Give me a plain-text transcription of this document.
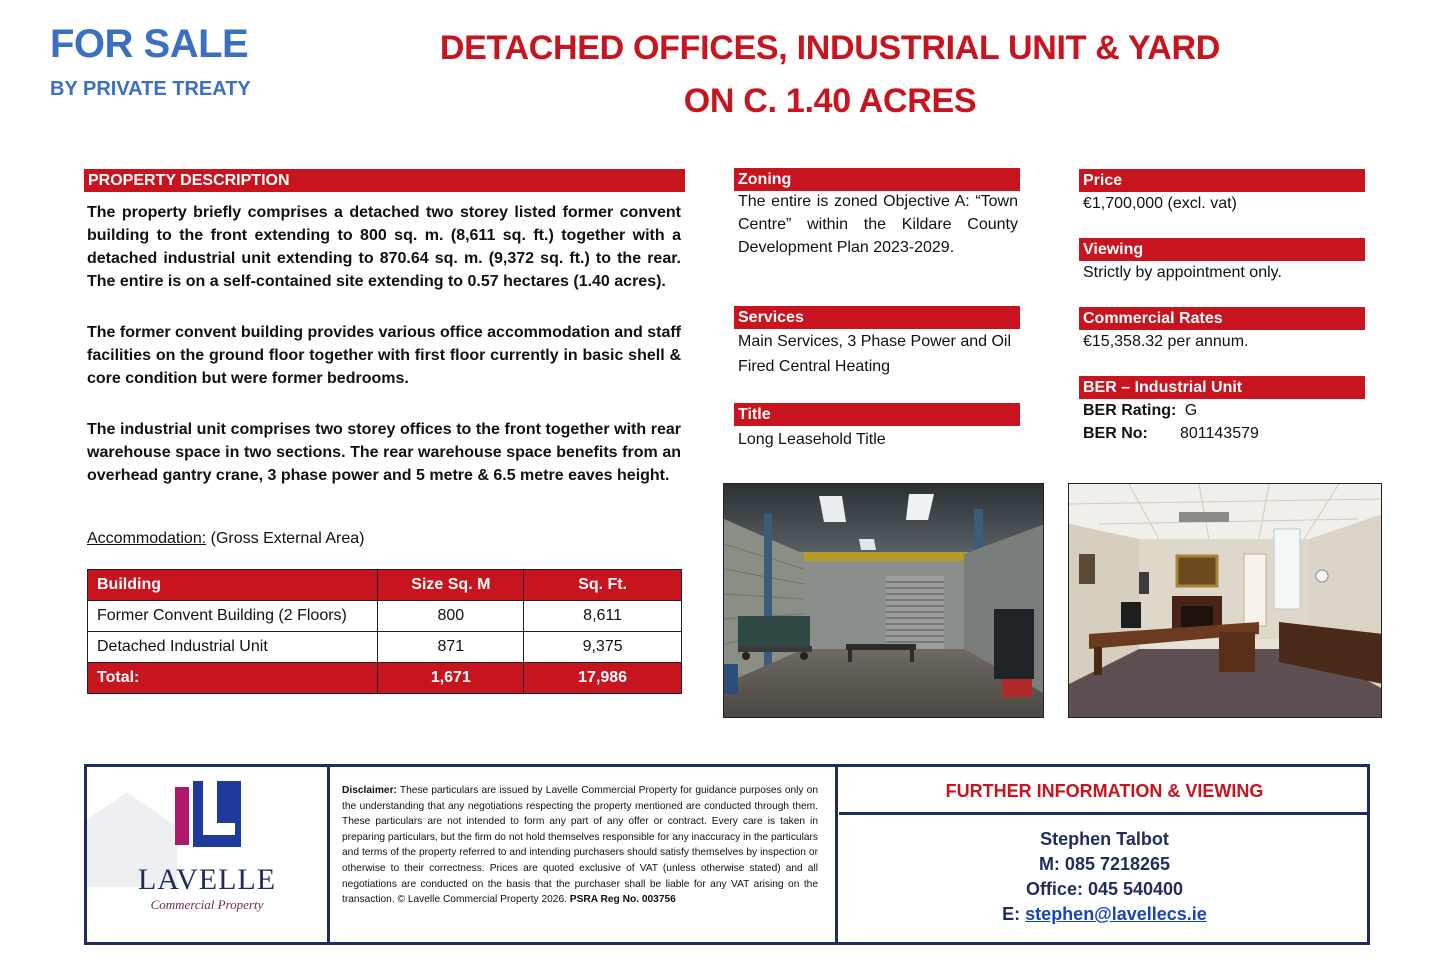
FOR SALE
BY PRIVATE TREATY
DETACHED OFFICES, INDUSTRIAL UNIT & YARD
ON C. 1.40 ACRES
PROPERTY DESCRIPTION

The property briefly comprises a detached two storey listed former convent building to the front extending to 800 sq. m. (8,611 sq. ft.) together with a detached industrial unit extending to 870.64 sq. m. (9,372 sq. ft.) to the rear. The entire is on a self-contained site extending to 0.57 hectares (1.40 acres).

The former convent building provides various office accommodation and staff facilities on the ground floor together with first floor currently in basic shell & core condition but were former bedrooms.

The industrial unit comprises two storey offices to the front together with rear warehouse space in two sections. The rear warehouse space benefits from an overhead gantry crane, 3 phase power and 5 metre & 6.5 metre eaves height.

Accommodation: (Gross External Area)
Building	Size Sq. M	Sq. Ft.
Former Convent Building (2 Floors)	800	8,611
Detached Industrial Unit	871	9,375
Total:	1,671	17,986
Zoning
The entire is zoned Objective A: “Town Centre” within the Kildare County Development Plan 2023-2029.
Services
Main Services, 3 Phase Power and Oil Fired Central Heating
Title
Long Leasehold Title
Price
€1,700,000 (excl. vat)
Viewing
Strictly by appointment only.
Commercial Rates
€15,358.32 per annum.
BER – Industrial Unit
BER Rating: G
BER No: 801143579
LAVELLE
Commercial Property
Disclaimer: These particulars are issued by Lavelle Commercial Property for guidance purposes only on the understanding that any negotiations respecting the property mentioned are conducted through them. These particulars are not intended to form any part of any offer or contract. Every care is taken in preparing particulars, but the firm do not hold themselves responsible for any inaccuracy in the particulars and terms of the property referred to and intending purchasers should satisfy themselves by inspection or otherwise to their correctness. Prices are quoted exclusive of VAT (unless otherwise stated) and all negotiations are conducted on the basis that the purchaser shall be liable for any VAT arising on the transaction. © Lavelle Commercial Property 2026. PSRA Reg No. 003756
FURTHER INFORMATION & VIEWING
Stephen Talbot
M: 085 7218265
Office: 045 540400
E: stephen@lavellecs.ie
